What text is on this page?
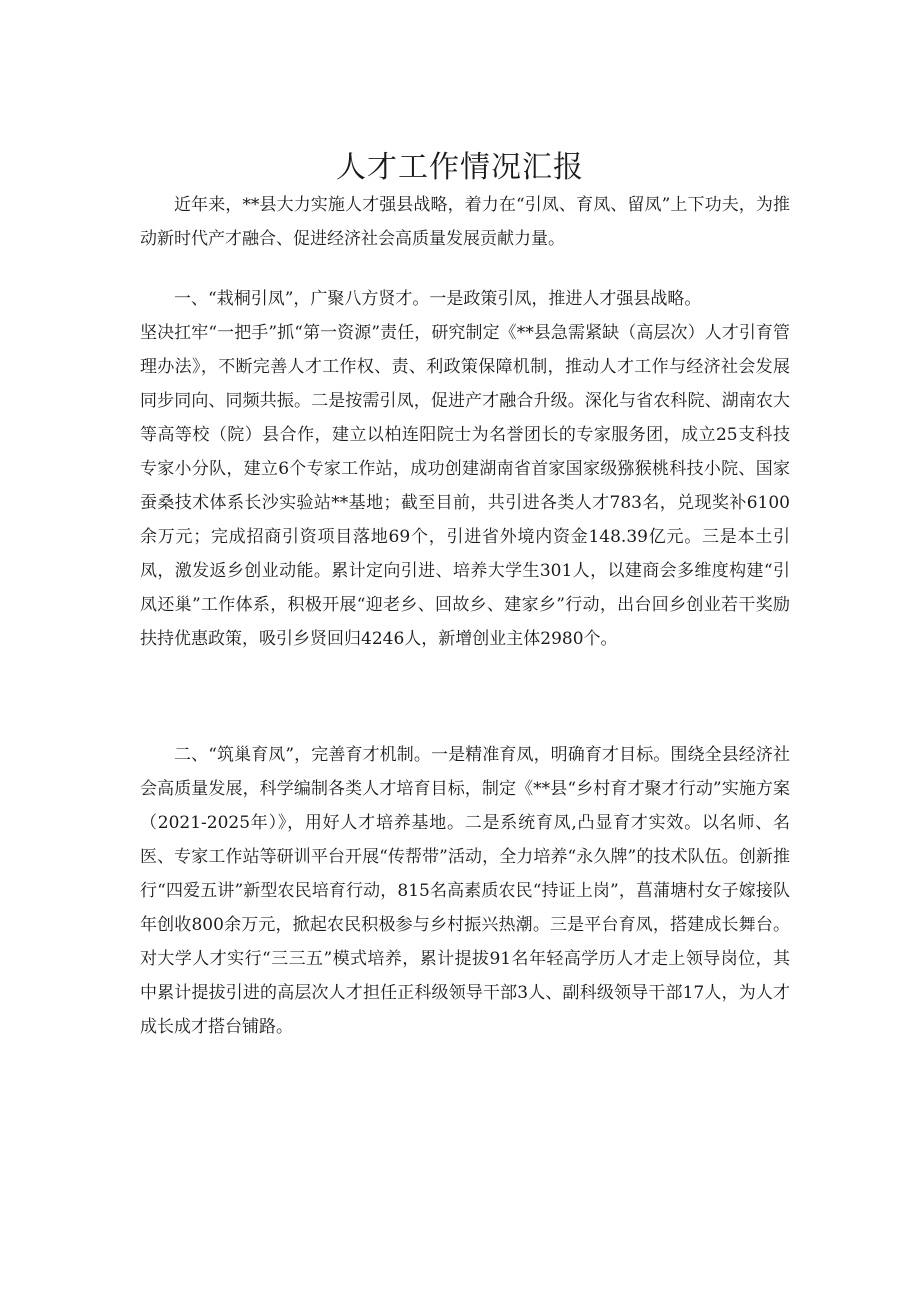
人才工作情况汇报

近年来，**县大力实施人才强县战略，着力在“引凤、育凤、留凤”上下功夫，为推动新时代产才融合、促进经济社会高质量发展贡献力量。

一、“栽桐引凤”，广聚八方贤才。一是政策引凤，推进人才强县战略。

坚决扛牢“一把手”抓“第一资源”责任，研究制定《**县急需紧缺（高层次）人才引育管理办法》，不断完善人才工作权、责、利政策保障机制，推动人才工作与经济社会发展同步同向、同频共振。二是按需引凤，促进产才融合升级。深化与省农科院、湖南农大等高等校（院）县合作，建立以柏连阳院士为名誉团长的专家服务团，成立25支科技专家小分队，建立6个专家工作站，成功创建湖南省首家国家级猕猴桃科技小院、国家蚕桑技术体系长沙实验站**基地；截至目前，共引进各类人才783名，兑现奖补6100余万元；完成招商引资项目落地69个，引进省外境内资金148.39亿元。三是本土引凤，激发返乡创业动能。累计定向引进、培养大学生301人，以建商会多维度构建“引凤还巢”工作体系，积极开展“迎老乡、回故乡、建家乡”行动，出台回乡创业若干奖励扶持优惠政策，吸引乡贤回归4246人，新增创业主体2980个。

二、“筑巢育凤”，完善育才机制。一是精准育凤，明确育才目标。围绕全县经济社会高质量发展，科学编制各类人才培育目标，制定《**县“乡村育才聚才行动”实施方案（2021-2025年）》，用好人才培养基地。二是系统育凤,凸显育才实效。以名师、名医、专家工作站等研训平台开展“传帮带”活动，全力培养“永久牌”的技术队伍。创新推行“四爱五讲”新型农民培育行动，815名高素质农民“持证上岗”，菖蒲塘村女子嫁接队年创收800余万元，掀起农民积极参与乡村振兴热潮。三是平台育凤，搭建成长舞台。对大学人才实行“三三五”模式培养，累计提拔91名年轻高学历人才走上领导岗位，其中累计提拔引进的高层次人才担任正科级领导干部3人、副科级领导干部17人，为人才成长成才搭台铺路。
